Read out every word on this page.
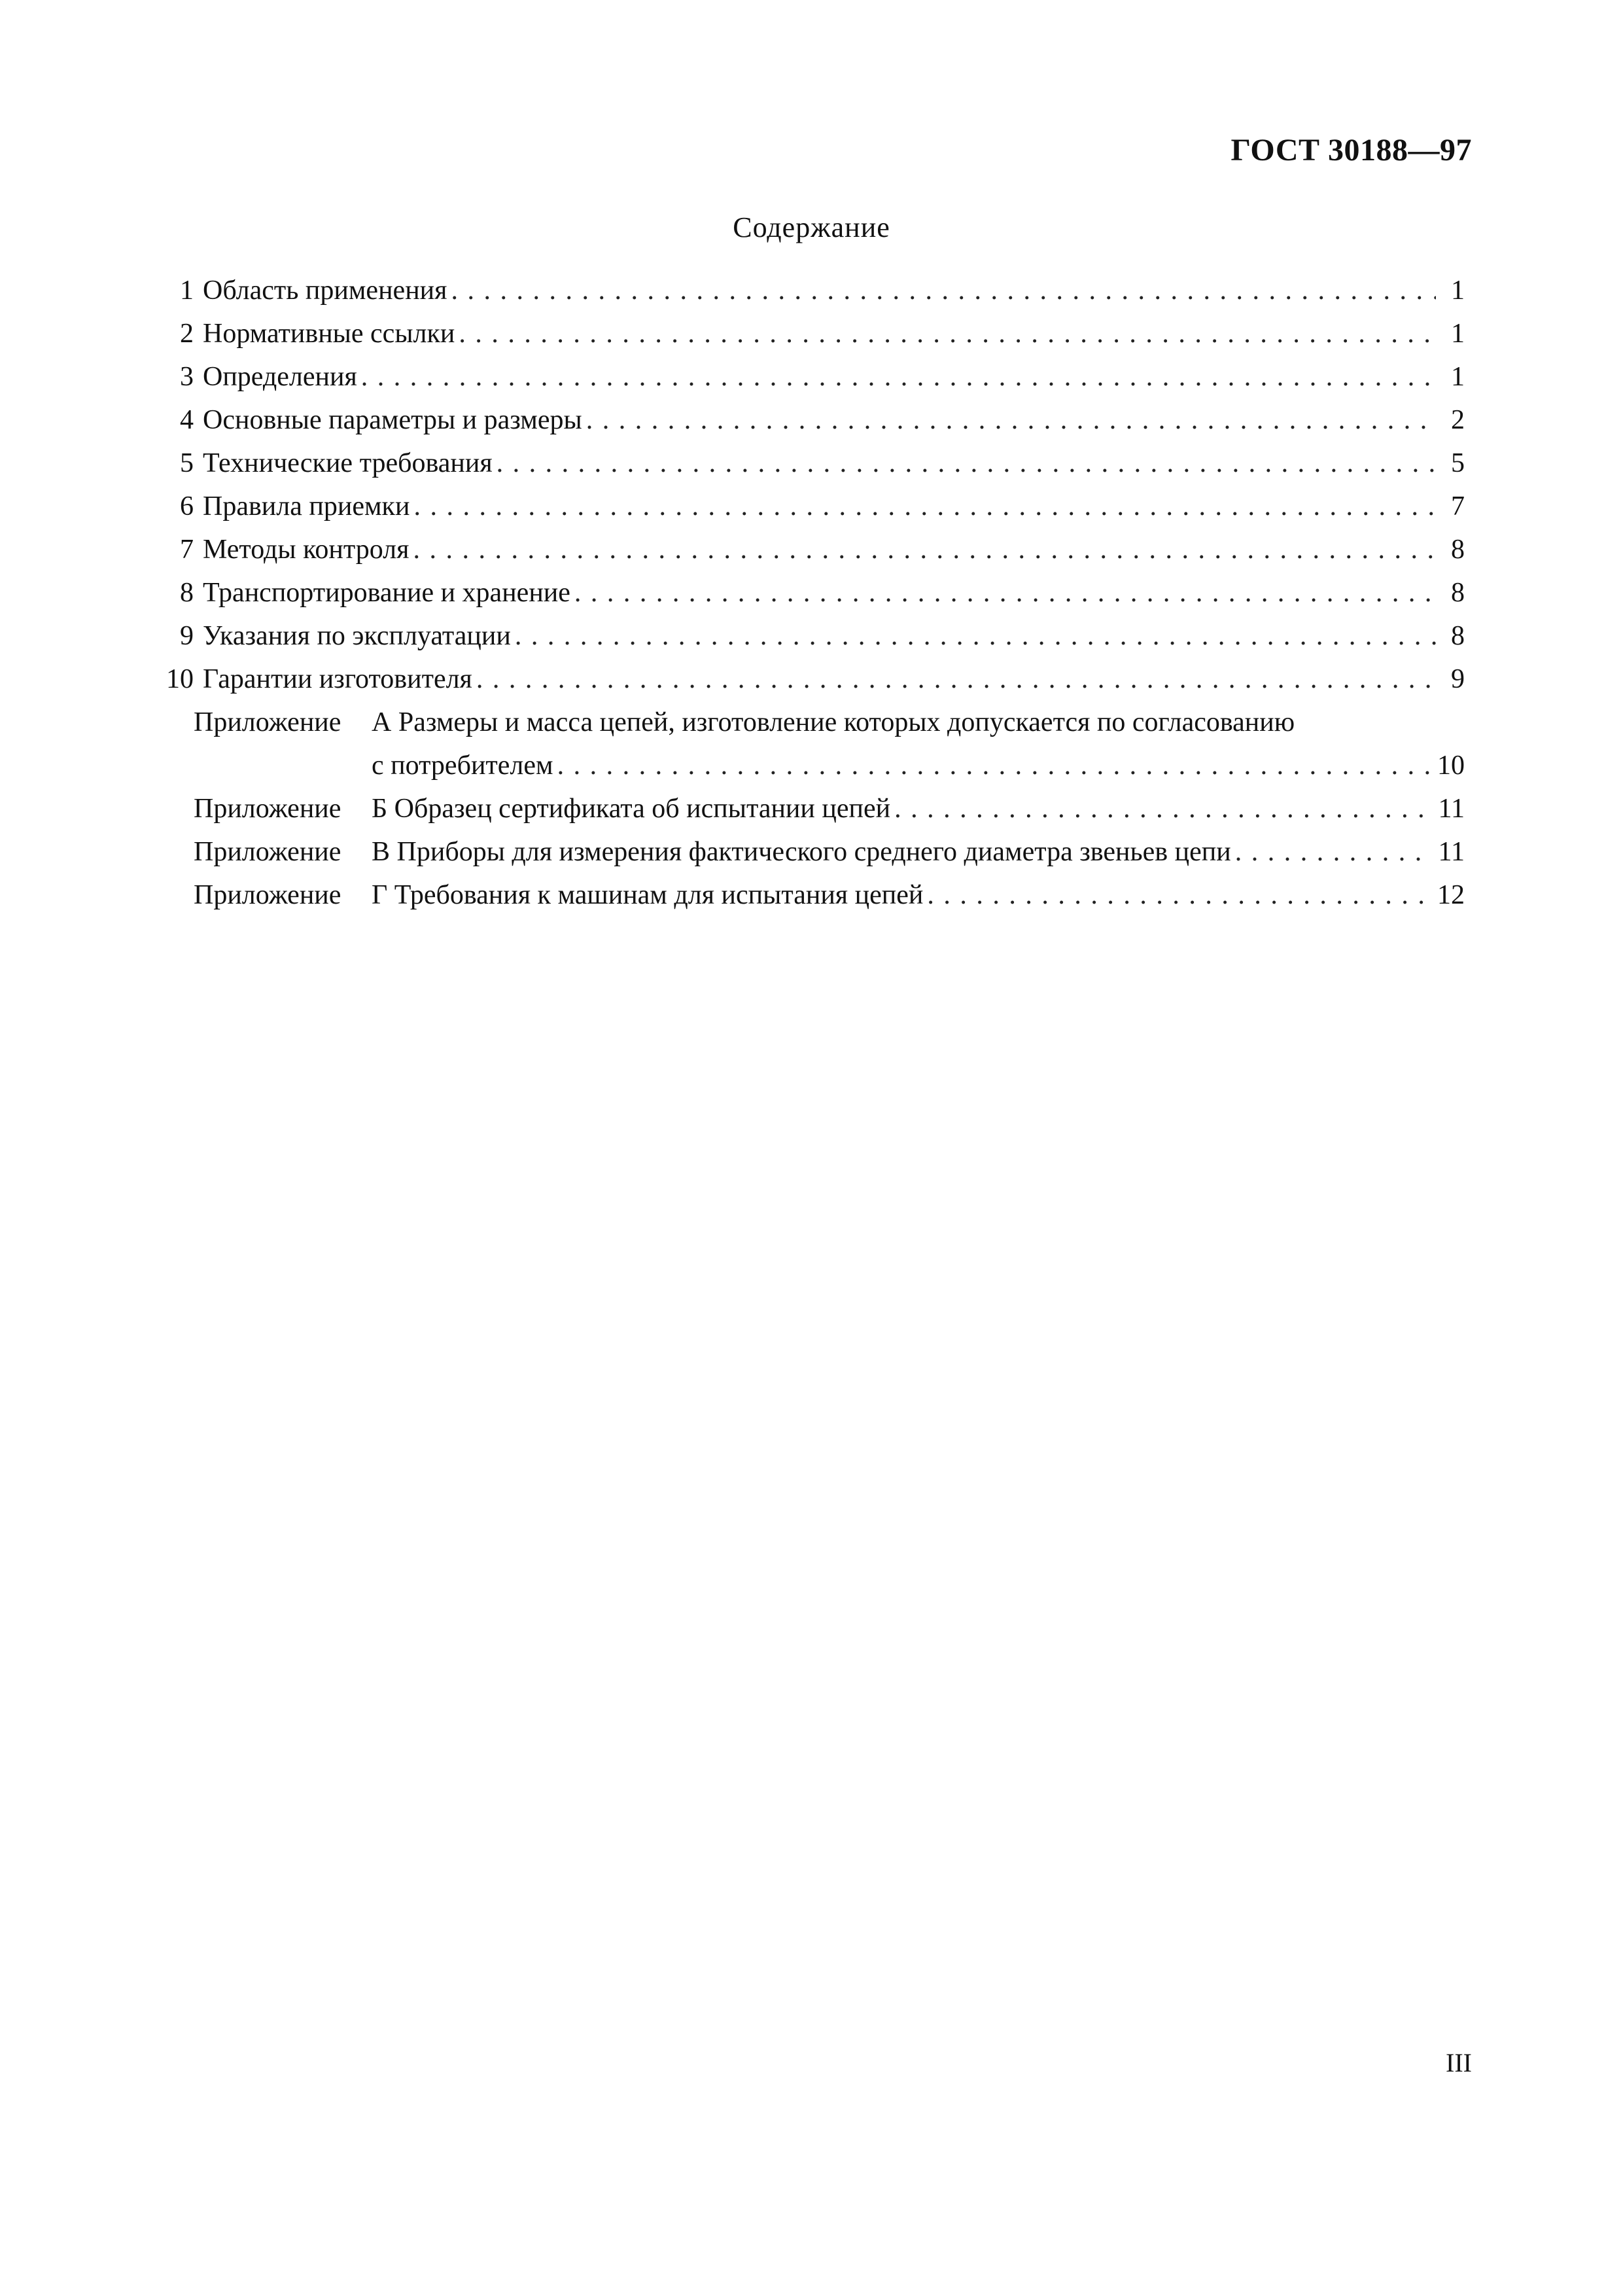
ГОСТ 30188—97
Содержание
1 Область применения . . .	1
2 Нормативные ссылки . . .	1
3 Определения . . .	1
4 Основные параметры и размеры . . .	2
5 Технические требования . . .	5
6 Правила приемки . . .	7
7 Методы контроля . . .	8
8 Транспортирование и хранение . . .	8
9 Указания по эксплуатации . . .	8
10 Гарантии изготовителя . . .	9
Приложение	А Размеры и масса цепей, изготовление которых допускается по согласованию
с потребителем . . .	10
Приложение	Б Образец сертификата об испытании цепей . . .	11
Приложение	В Приборы для измерения фактического среднего диаметра звеньев цепи . . .	11
Приложение	Г Требования к машинам для испытания цепей . . .	12
III
